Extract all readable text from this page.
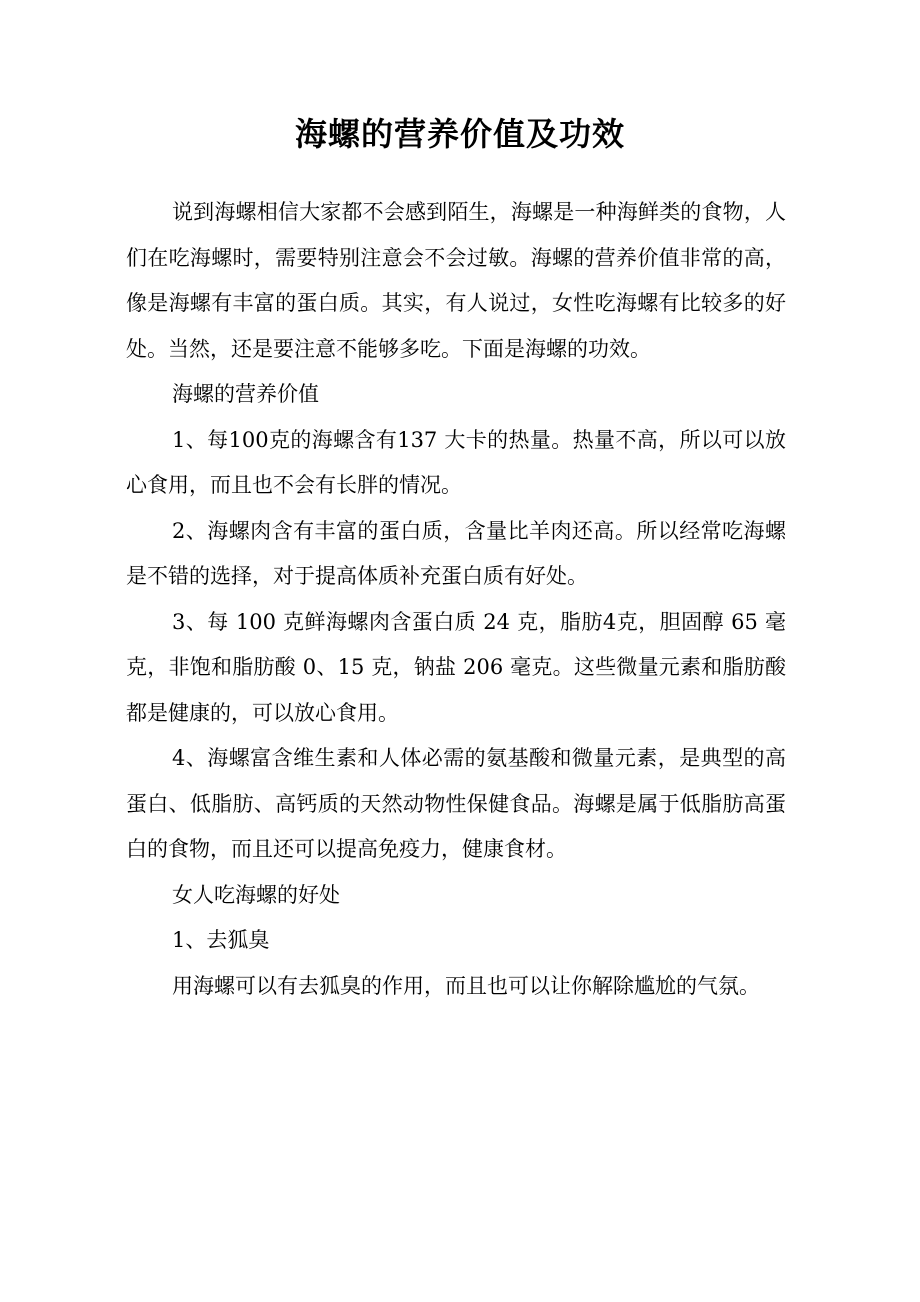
海螺的营养价值及功效

说到海螺相信大家都不会感到陌生，海螺是一种海鲜类的食物，人们在吃海螺时，需要特别注意会不会过敏。海螺的营养价值非常的高，像是海螺有丰富的蛋白质。其实，有人说过，女性吃海螺有比较多的好处。当然，还是要注意不能够多吃。下面是海螺的功效。

海螺的营养价值

1、每100克的海螺含有137 大卡的热量。热量不高，所以可以放心食用，而且也不会有长胖的情况。

2、海螺肉含有丰富的蛋白质，含量比羊肉还高。所以经常吃海螺是不错的选择，对于提高体质补充蛋白质有好处。

3、每 100 克鲜海螺肉含蛋白质 24 克，脂肪4克，胆固醇 65 毫克，非饱和脂肪酸 0、15 克，钠盐 206 毫克。这些微量元素和脂肪酸都是健康的，可以放心食用。

4、海螺富含维生素和人体必需的氨基酸和微量元素，是典型的高蛋白、低脂肪、高钙质的天然动物性保健食品。海螺是属于低脂肪高蛋白的食物，而且还可以提高免疫力，健康食材。

女人吃海螺的好处

1、去狐臭

用海螺可以有去狐臭的作用，而且也可以让你解除尴尬的气氛。
